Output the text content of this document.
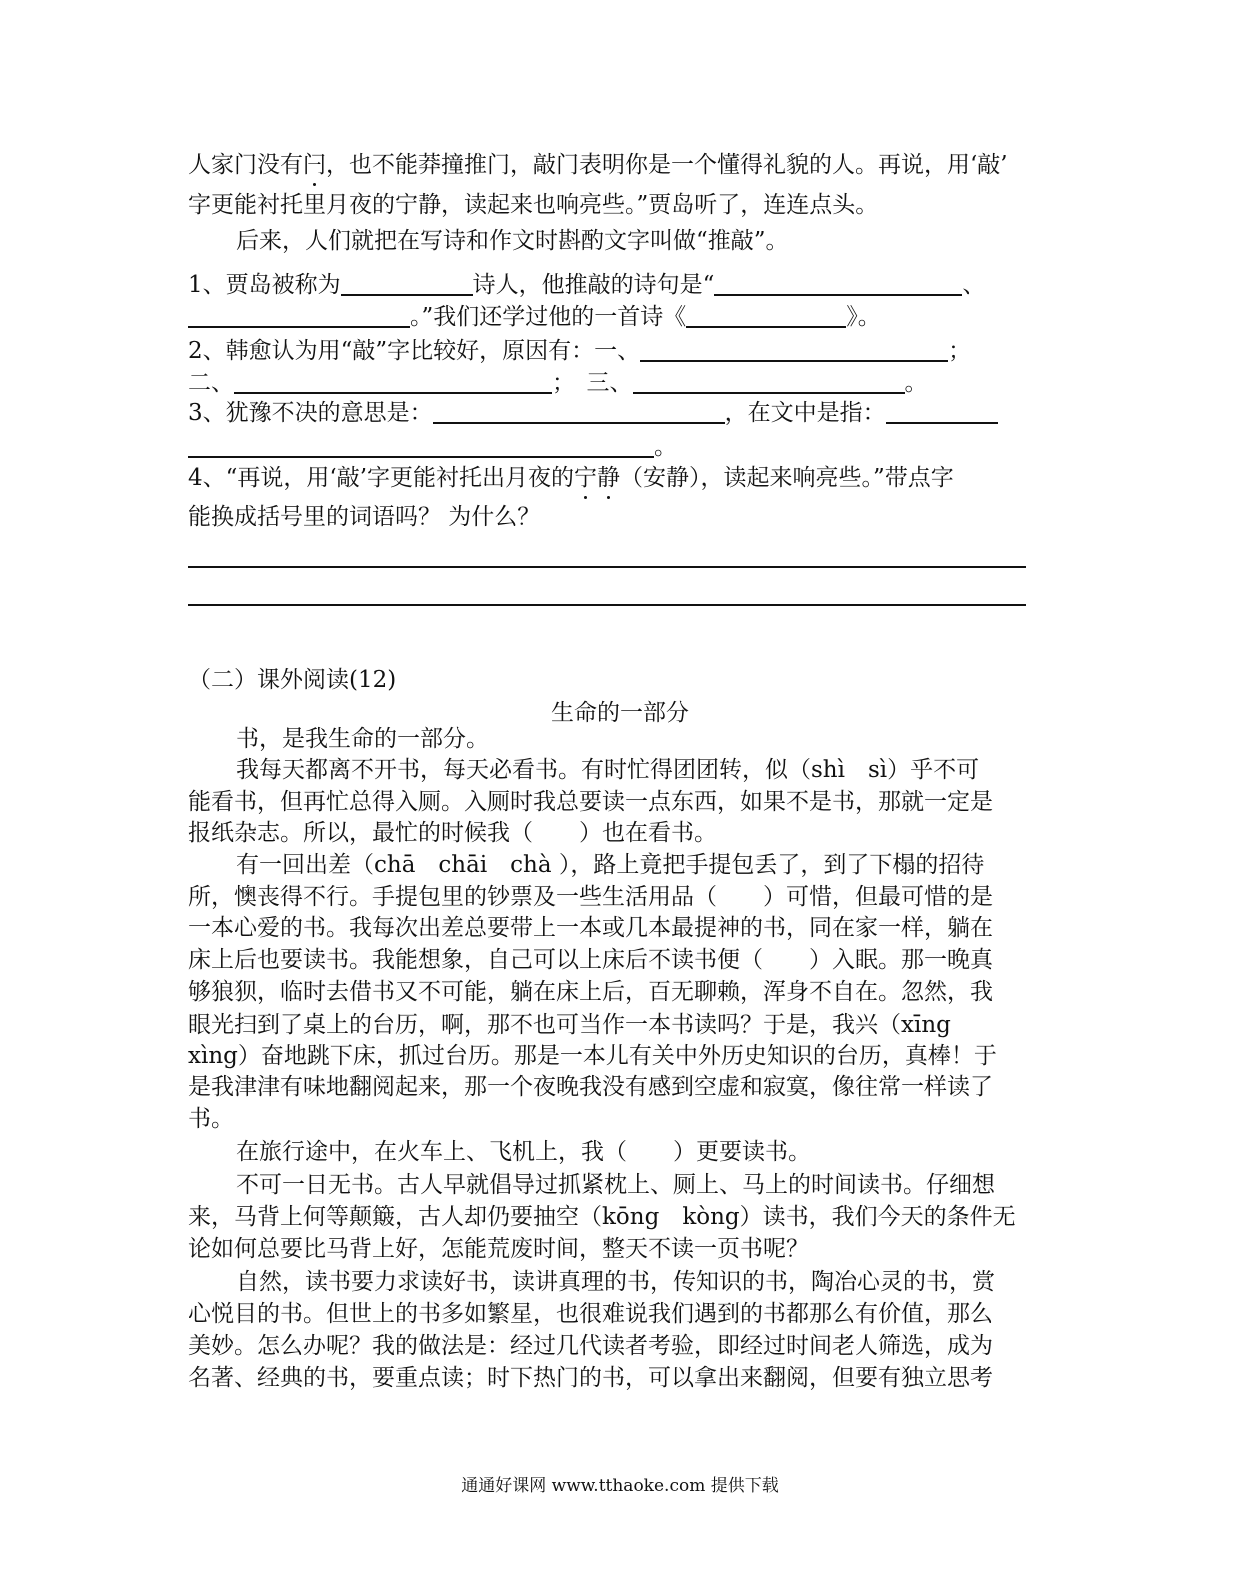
人家门没有闩，也不能莽撞推门，敲门表明你是一个懂得礼貌的人。再说，用‘敲’
字更能衬托里月夜的宁静，读起来也响亮些。”贾岛听了，连连点头。
后来，人们就把在写诗和作文时斟酌文字叫做“推敲”。
1、贾岛被称为	诗人，他推敲的诗句是“	、
。”我们还学过他的一首诗《	》。
2、韩愈认为用“敲”字比较好，原因有：一、	；
二、	；　 三、	。
3、犹豫不决的意思是：	，在文中是指：
。
4、“再说，用‘敲’字更能衬托出月夜的宁静（安静），读起来响亮些。”带点字
能换成括号里的词语吗？ 为什么？
（二）课外阅读(12)
生命的一部分
书，是我生命的一部分。
我每天都离不开书，每天必看书。有时忙得团团转，似（shì　sì）乎不可
能看书，但再忙总得入厕。入厕时我总要读一点东西，如果不是书，那就一定是
报纸杂志。所以，最忙的时候我（　　）也在看书。
有一回出差（chā　chāi　chà ），路上竟把手提包丢了，到了下榻的招待
所，懊丧得不行。手提包里的钞票及一些生活用品（　　）可惜，但最可惜的是
一本心爱的书。我每次出差总要带上一本或几本最提神的书，同在家一样，躺在
床上后也要读书。我能想象，自己可以上床后不读书便（　　）入眠。那一晚真
够狼狈，临时去借书又不可能，躺在床上后，百无聊赖，浑身不自在。忽然，我
眼光扫到了桌上的台历，啊，那不也可当作一本书读吗？于是，我兴（xīng
xìng）奋地跳下床，抓过台历。那是一本儿有关中外历史知识的台历，真棒！于
是我津津有味地翻阅起来，那一个夜晚我没有感到空虚和寂寞，像往常一样读了
书。
在旅行途中，在火车上、飞机上，我（　　）更要读书。
不可一日无书。古人早就倡导过抓紧枕上、厕上、马上的时间读书。仔细想
来，马背上何等颠簸，古人却仍要抽空（kōng　kòng）读书，我们今天的条件无
论如何总要比马背上好，怎能荒废时间，整天不读一页书呢？
自然，读书要力求读好书，读讲真理的书，传知识的书，陶冶心灵的书，赏
心悦目的书。但世上的书多如繁星，也很难说我们遇到的书都那么有价值，那么
美妙。怎么办呢？我的做法是：经过几代读者考验，即经过时间老人筛选，成为
名著、经典的书，要重点读；时下热门的书，可以拿出来翻阅，但要有独立思考
通通好课网 www.tthaoke.com 提供下载
